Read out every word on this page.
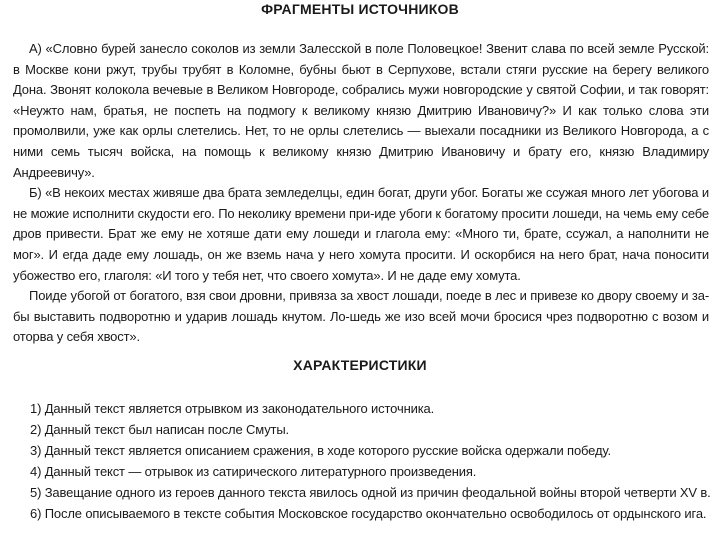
ФРАГМЕНТЫ ИСТОЧНИКОВ

А) «Словно бурей занесло соколов из земли Залесской в поле Половецкое! Звенит слава по всей земле Русской: в Москве кони ржут, трубы трубят в Коломне, бубны бьют в Серпухове, встали стяги русские на берегу великого Дона. Звонят колокола вечевые в Великом Новгороде, собрались мужи новгородские у святой Софии, и так говорят: «Неужто нам, братья, не поспеть на подмогу к великому князю Дмитрию Ивановичу?» И как только слова эти промолвили, уже как орлы слетелись. Нет, то не орлы слетелись — выехали посадники из Великого Новгорода, а с ними семь тысяч войска, на помощь к великому князю Дмитрию Ивановичу и брату его, князю Владимиру Андреевичу».

Б) «В некоих местах живяше два брата земледелцы, един богат, други убог. Богаты же ссужая много лет убогова и не можие исполнити скудости его. По неколику времени при-иде убоги к богатому просити лошеди, на чемь ему себе дров привести. Брат же ему не хотяше дати ему лошеди и глагола ему: «Много ти, брате, ссужал, а наполнити не мог». И егда даде ему лошадь, он же вземь нача у него хомута просити. И оскорбися на него брат, нача поносити убожество его, глаголя: «И того у тебя нет, что своего хомута». И не даде ему хомута.

Поиде убогой от богатого, взя свои дровни, привяза за хвост лошади, поеде в лес и привезе ко двору своему и за-бы выставить подворотню и ударив лошадь кнутом. Ло-шедь же изо всей мочи бросися чрез подворотню с возом и оторва у себя хвост».

ХАРАКТЕРИСТИКИ
1) Данный текст является отрывком из законодательного источника.
2) Данный текст был написан после Смуты.
3) Данный текст является описанием сражения, в ходе которого русские войска одержали победу.
4) Данный текст — отрывок из сатирического литературного произведения.
5) Завещание одного из героев данного текста явилось одной из причин феодальной войны второй четверти XV в.
6) После описываемого в тексте события Московское государство окончательно освободилось от ордынского ига.
